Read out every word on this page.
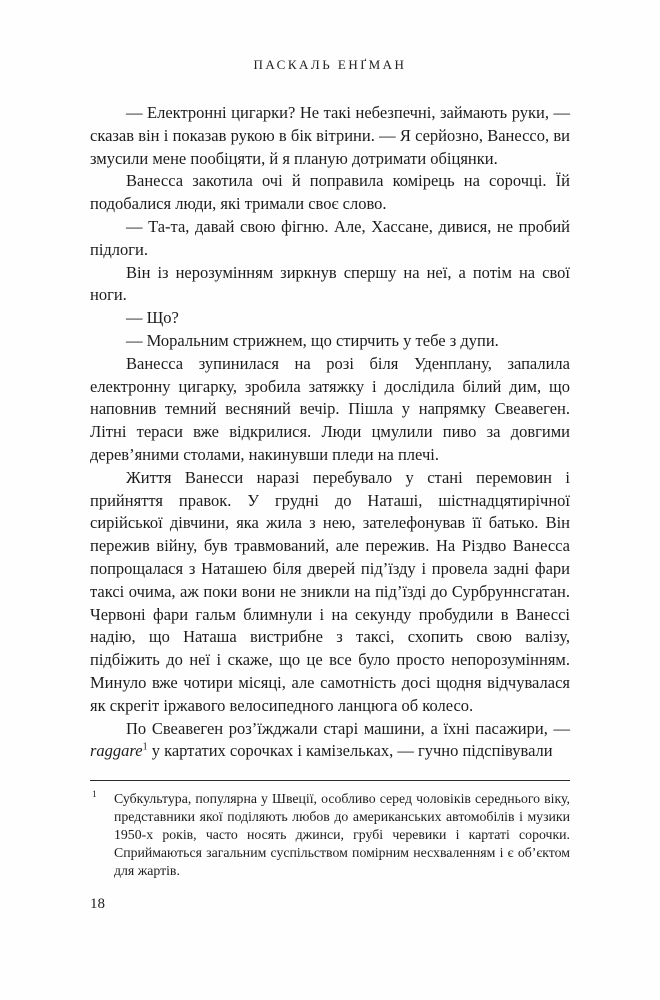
ПАСКАЛЬ ЕНҐМАН

— Електронні цигарки? Не такі небезпечні, займають руки, — сказав він і показав рукою в бік вітрини. — Я серйозно, Ванессо, ви змусили мене пообіцяти, й я планую дотримати обіцянки.

Ванесса закотила очі й поправила комірець на сорочці. Їй подобалися люди, які тримали своє слово.

— Та-та, давай свою фігню. Але, Хассане, дивися, не пробий підлоги.

Він із нерозумінням зиркнув спершу на неї, а потім на свої ноги.

— Що?

— Моральним стрижнем, що стирчить у тебе з дупи.

Ванесса зупинилася на розі біля Уденплану, запалила електронну цигарку, зробила затяжку і дослідила білий дим, що наповнив темний весняний вечір. Пішла у напрямку Свеавеген. Літні тераси вже відкрилися. Люди цмулили пиво за довгими дерев’яними столами, накинувши пледи на плечі.

Життя Ванесси наразі перебувало у стані перемовин і прийняття правок. У грудні до Наташі, шістнадцятирічної сирійської дівчини, яка жила з нею, зателефонував її батько. Він пережив війну, був травмований, але пережив. На Різдво Ванесса попрощалася з Наташею біля дверей під’їзду і провела задні фари таксі очима, аж поки вони не зникли на під’їзді до Сурбруннсгатан. Червоні фари гальм блимнули і на секунду пробудили в Ванессі надію, що Наташа вистрибне з таксі, схопить свою валізу, підбіжить до неї і скаже, що це все було просто непорозумінням. Минуло вже чотири місяці, але самотність досі щодня відчувалася як скрегіт іржавого велосипедного ланцюга об колесо.

По Свеавеген роз’їжджали старі машини, а їхні пасажири, — raggare$^1$ у картатих сорочках і камізельках, — гучно підспівували

1 Субкультура, популярна у Швеції, особливо серед чоловіків середнього віку, представники якої поділяють любов до американських автомобілів і музики 1950-х років, часто носять джинси, грубі черевики і картаті сорочки. Сприймаються загальним суспільством помірним несхваленням і є об’єктом для жартів.

18
